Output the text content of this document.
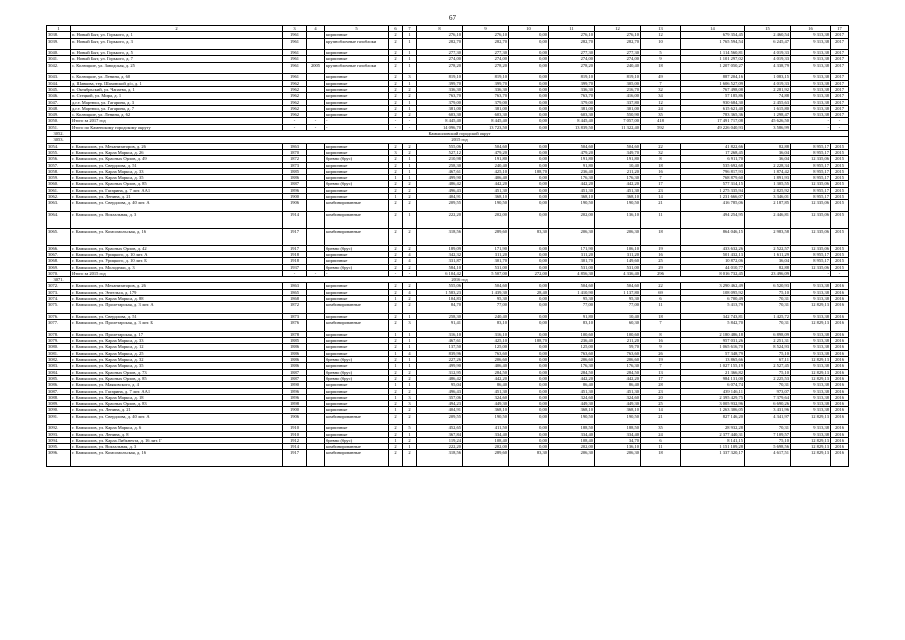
67
1	2	3	4	5	6	7	8	9	10	11	12	13	14	15	16	17
3038.	п. Новый Быт, ул. Горького, д. 1	1961		кирпичные	2	1	276,10	276,10	0,00	276,10	276,10	12	679 354,45	2 460,54	9 313,38	2017
3039.	п. Новый Быт, ул. Горького, д. 3	1961		крупноблочные газоблоки	2	1	282,70	282,70	0,00	282,70	282,70	10	1 765 594,54	6 245,47	9 313,38	2017
3040.	п. Новый Быт, ул. Горького, д. 5	1961		кирпичные	2	1	277,30	277,30	0,00	277,30	277,30	5	1 114 560,81	4 019,33	9 313,38	2017
3041.	п. Новый Быт, ул. Горького, д. 7	1961		кирпичные	2	1	274,00	274,00	0,00	274,00	274,00	9	1 101 297,02	4 019,33	9 313,38	2017
3042.	с. Колюцкие, ул. Заводская, д. 25	1961	2005	крупноблочные газоблоки	2	1	278,20	278,20	0,00	278,20	240,40	18	1 207 050,27	4 338,79	9 313,38	2017
3043.	с. Колюцкие, ул. Ленина, д. 60	1961		кирпичные	2	3	819,10	819,10	0,00	819,10	819,10	49	887 204,16	1 083,15	9 313,38	2017
3044.	д. Шавкова, тер. Шаховской д/о, д. 1	1962		кирпичные	2	1	399,70	399,70	0,00	399,70	305,00	7	1 606 527,09	4 019,33	9 313,38	2017
3045.	п. Октябрьский, ул. Чапаева, д. 1	1962		кирпичные	2	2	336,30	336,30	0,00	336,30	216,70	32	767 498,08	2 281,92	9 313,38	2017
3046.	п. Стецкой, ул. Мира, д. 1	1962		кирпичные	2	2	763,70	763,70	0,00	763,70	416,00	34	57 185,86	74,88	9 313,38	2017
3047.	д.г.т. Мартюш, ул. Гагарина, д. 3	1962		кирпичные	2	1	379,00	379,00	0,00	379,00	337,80	12	930 684,30	2 455,63	9 313,38	2017
3048.	д.г.т. Мартюш, ул. Гагарина, д. 7	1962		кирпичные	2	1	381,00	381,00	0,00	381,00	301,00	24	615 621,40	1 615,80	9 313,38	2017
3049.	с. Колюцкие, ул. Ленина, д. 62	1962		кирпичные	2	2	603,30	603,30	0,00	603,30	550,90	35	783 365,36	1 298,47	9 313,38	2017
3050.	Итого за 2017 год	-	-	-	-	-	8 445,40	8 445,40	0,00	8 445,40	7 057,00	418	17 491 717,08	45 626,50	-	-
3051.	Итого по Каменскому городскому округу	-	-	-	-	-	14 096,70	13 723,50	0,00	13 839,50	11 322,40	592	49 226 040,93	3 586,99	-	-
3052.	Камышловский городской округ															
3053.	2015 год															
3054.	г. Камышлов, ул. Механизаторов, д. 26	1863		кирпичные	2	2	555,06	504,60	0,00	504,60	504,60	22	41 822,66	82,88	8 955,17	2015
3055.	г. Камышлов, ул. Карла Маркса, д. 26	1870		кирпичные	3	2	527,12	479,20	0,00	479,20	349,70	32	17 268,45	36,04	8 955,17	2015
3056.	г. Камышлов, ул. Красных Орлов, д. 49	1872		бревно (брус)	2	1	210,98	191,80	0,00	191,80	191,80	8	6 911,70	36,04	12 335,06	2015
3057.	г. Камышлов, ул. Свердлова, д. 51	1873		кирпичные	2	1	258,30	240,40	0,00	91,80	10,40	18	535 692,68	2 228,34	8 955,17	2015
3058.	г. Камышлов, ул. Карла Маркса, д. 33	1885		кирпичные	2	1	467,61	425,10	188,70	236,40	211,20	16	796 817,93	1 874,42	8 955,17	2015
3059.	г. Камышлов, ул. Карла Маркса, д. 35	1886		кирпичные	1	1	499,90	406,40	0,00	176,30	176,30	7	768 879,60	1 891,93	8 955,17	2015
3060.	г. Камышлов, ул. Красных Орлов, д. 85	1887		бревно (брус)	2	2	486,42	442,20	0,00	442,20	442,20	17	577 314,15	1 305,55	12 335,06	2015
3061.	г. Камышлов, ул. Гагарина, д. 7 лит. АА1	1896		кирпичные	2	2	496,43	451,30	0,00	451,30	451,30	23	1 275 335,94	2 825,92	8 955,17	2015
3062.	г. Камышлов, ул. Ленина, д. 21	1900		кирпичные	1	2	404,91	368,10	0,00	368,10	368,10	14	1 231 666,07	3 346,01	8 955,17	2015
3063.	г. Камышлов, ул. Свердлова, д. 40 лит. А	1906		комбинированные	2	2	209,55	190,50	0,00	190,50	190,50	21	416 785,06	2 187,85	12 335,06	2015
3064.	г. Камышлов, ул. Вокзальная, д. 3	1914		комбинированные	2	1	222,20	202,00	0,00	202,00	136,10	11	494 254,95	2 446,81	12 335,06	2015
3065.	г. Камышлов, ул. Комсомольская, д. 16	1917		комбинированные	2	2	318,56	289,60	83,30	206,30	206,30	18	864 046,15	2 983,58	12 335,06	2015
3066.	г. Камышлов, ул. Красных Орлов, д. 42	1917		бревно (брус)	2	2	189,09	171,90	0,00	171,90	106,10	19	433 632,26	2 522,57	12 335,06	2015
3067.	г. Камышлов, ул. Урицкого, д. 10 лит. А	1918		кирпичные	2	4	342,32	311,20	0,00	311,20	311,20	16	501 432,13	1 611,29	8 955,17	2015
3068.	г. Камышлов, ул. Урицкого, д. 10 лит. Б	1918		кирпичные	2	4	331,87	301,70	0,00	301,70	149,60	25	10 872,06	36,04	8 955,17	2015
3069.	г. Камышлов, ул. Молодежи, д. 3	1937		бревно (брус)	2	2	584,10	531,00	0,00	531,00	531,00	29	44 010,77	82,88	12 335,06	2015
3070.	Итого за 2015 год	-	-	-	-	-	6 104,42	5 507,00	272,00	4 856,30	4 336,40	296	8 016 732,45	23 496,09	-	-
3071.	2016 год															
3072.	г. Камышлов, ул. Механизаторов, д. 26	1863		кирпичные	2	2	555,06	504,60	0,00	504,60	504,60	22	3 290 462,49	6 520,93	9 313,38	2016
3073.	г. Камышлов, ул. Энгельса, д. 179	1865		кирпичные	2	4	1 583,23	1 439,30	28,40	1 410,90	1 137,80	69	108 095,92	75,10	9 313,38	2016
3074.	г. Камышлов, ул. Карла Маркса, д. 88	1868		кирпичные	1	2	104,83	95,30	0,00	95,30	95,30	6	6 700,49	70,31	9 313,38	2016
3075.	г. Камышлов, ул. Пролетарская, д. 3 лит. А	1872		комбинированные	2	2	84,70	77,00	0,00	77,00	77,00	11	5 413,79	70,31	12 829,13	2016
3076.	г. Камышлов, ул. Свердлова, д. 51	1873		кирпичные	2	1	258,30	240,40	0,00	91,80	10,40	18	342 743,81	1 425,72	9 313,38	2016
3077.	г. Камышлов, ул. Пролетарская, д. 3 лит. Б	1876		комбинированные	2	3	91,41	83,10	0,00	83,10	60,30	7	5 842,70	70,31	12 829,13	2016
3078.	г. Камышлов, ул. Пролетарская, д. 17	1878		кирпичные	1	1	316,10	316,10	0,00	100,60	100,60	8	2 180 486,18	6 898,09	9 313,38	2016
3079.	г. Камышлов, ул. Карла Маркса, д. 33	1885		кирпичные	2	1	467,61	425,10	188,70	236,40	211,20	16	957 031,26	2 251,31	9 313,38	2016
3080.	г. Камышлов, ул. Карла Маркса, д. 12	1886		кирпичные	2	1	137,50	125,00	0,00	125,00	59,70	9	1 065 616,70	8 524,93	9 313,38	2016
3081.	г. Камышлов, ул. Карла Маркса, д. 25	1886		кирпичные	1	4	839,96	763,60	0,00	763,60	763,60	26	57 348,79	75,10	9 313,38	2016
3082.	г. Камышлов, ул. Карла Маркса, д. 32	1886		бревно (брус)	2	1	227,26	206,60	0,00	206,60	206,60	19	13 865,66	67,11	12 829,13	2016
3083.	г. Камышлов, ул. Карла Маркса, д. 35	1886		кирпичные	1	1	499,90	406,40	0,00	176,30	176,30	7	1 027 155,19	2 527,45	9 313,38	2016
3084.	г. Камышлов, ул. Красных Орлов, д. 73	1887		бревно (брус)	2	2	312,95	284,50	0,00	284,50	284,50	13	21 366,82	75,10	12 829,13	2016
3085.	г. Камышлов, ул. Красных Орлов, д. 85	1887		бревно (брус)	2	2	486,42	442,20	0,00	442,20	442,20	17	984 131,00	2 225,53	12 829,13	2016
3086.	г. Камышлов, ул. Маяковского, д. 4	1890		кирпичные	1	1	95,04	86,40	0,00	86,40	86,40	28	6 074,74	70,31	9 313,38	2016
3087.	г. Камышлов, ул. Гагарина, д. 7 лит. АА1	1896		кирпичные	2	2	496,43	451,30	0,00	451,30	451,30	23	439 146,11	973,07	9 313,38	2016
3088.	г. Камышлов, ул. Карла Маркса, д. 18	1896		кирпичные	1	3	357,06	324,60	0,00	324,60	324,60	20	2 395 429,75	7 379,64	9 313,38	2016
3089.	г. Камышлов, ул. Красных Орлов, д. 83	1898		кирпичные	2	3	494,23	449,30	0,00	449,30	449,30	25	3 005 932,96	6 690,26	9 313,38	2016
3090.	г. Камышлов, ул. Ленина, д. 21	1900		кирпичные	1	2	404,91	368,10	0,00	368,10	368,10	14	1 263 306,05	3 431,96	9 313,38	2016
3091.	г. Камышлов, ул. Свердлова, д. 40 лит. А	1906		комбинированные	2	2	209,55	190,50	0,00	190,50	190,50	21	827 146,20	4 341,97	12 829,13	2016
3092.	г. Камышлов, ул. Карла Маркса, д. 6	1910		кирпичные	2	5	452,65	411,50	0,00	188,50	188,50	35	28 932,28	70,31	9 313,38	2016
3093.	г. Камышлов, ул. Ленина, д. 8	1910		кирпичные	2	1	367,84	334,40	0,00	334,40	334,40	24	2 377 440,31	7 109,57	9 313,38	2016
3094.	г. Камышлов, ул. Карла Либкнехта, д. 16 лит. Г	1912		бревно (брус)	1	2	119,24	108,40	0,00	108,40	34,70	6	8 141,15	75,10	12 829,13	2016
3095.	г. Камышлов, ул. Вокзальная, д. 3	1914		комбинированные	2	1	222,20	202,00	0,00	202,00	136,10	11	1 151 109,28	5 698,56	12 829,13	2016
3096.	г. Камышлов, ул. Комсомольская, д. 16	1917		комбинированные	2	2	318,56	289,60	83,30	206,30	206,30	18	1 337 320,17	4 617,51	12 829,13	2016
